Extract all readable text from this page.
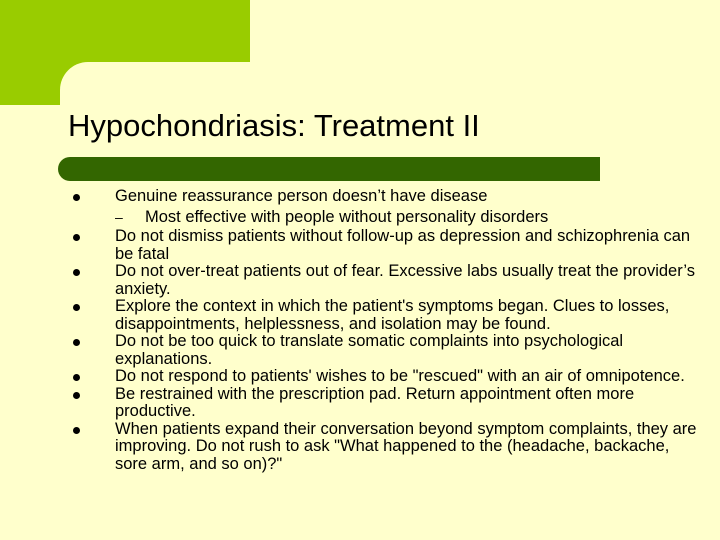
Hypochondriasis: Treatment II
Genuine reassurance person doesn’t have disease
– Most effective with people without personality disorders
Do not dismiss patients without follow-up as depression and schizophrenia can be fatal
Do not over-treat patients out of fear. Excessive labs usually treat the provider’s anxiety.
Explore the context in which the patient's symptoms began. Clues to losses, disappointments, helplessness, and isolation may be found.
Do not be too quick to translate somatic complaints into psychological explanations.
Do not respond to patients' wishes to be "rescued" with an air of omnipotence.
Be restrained with the prescription pad. Return appointment often more productive.
When patients expand their conversation beyond symptom complaints, they are improving. Do not rush to ask "What happened to the (headache, backache, sore arm, and so on)?"
